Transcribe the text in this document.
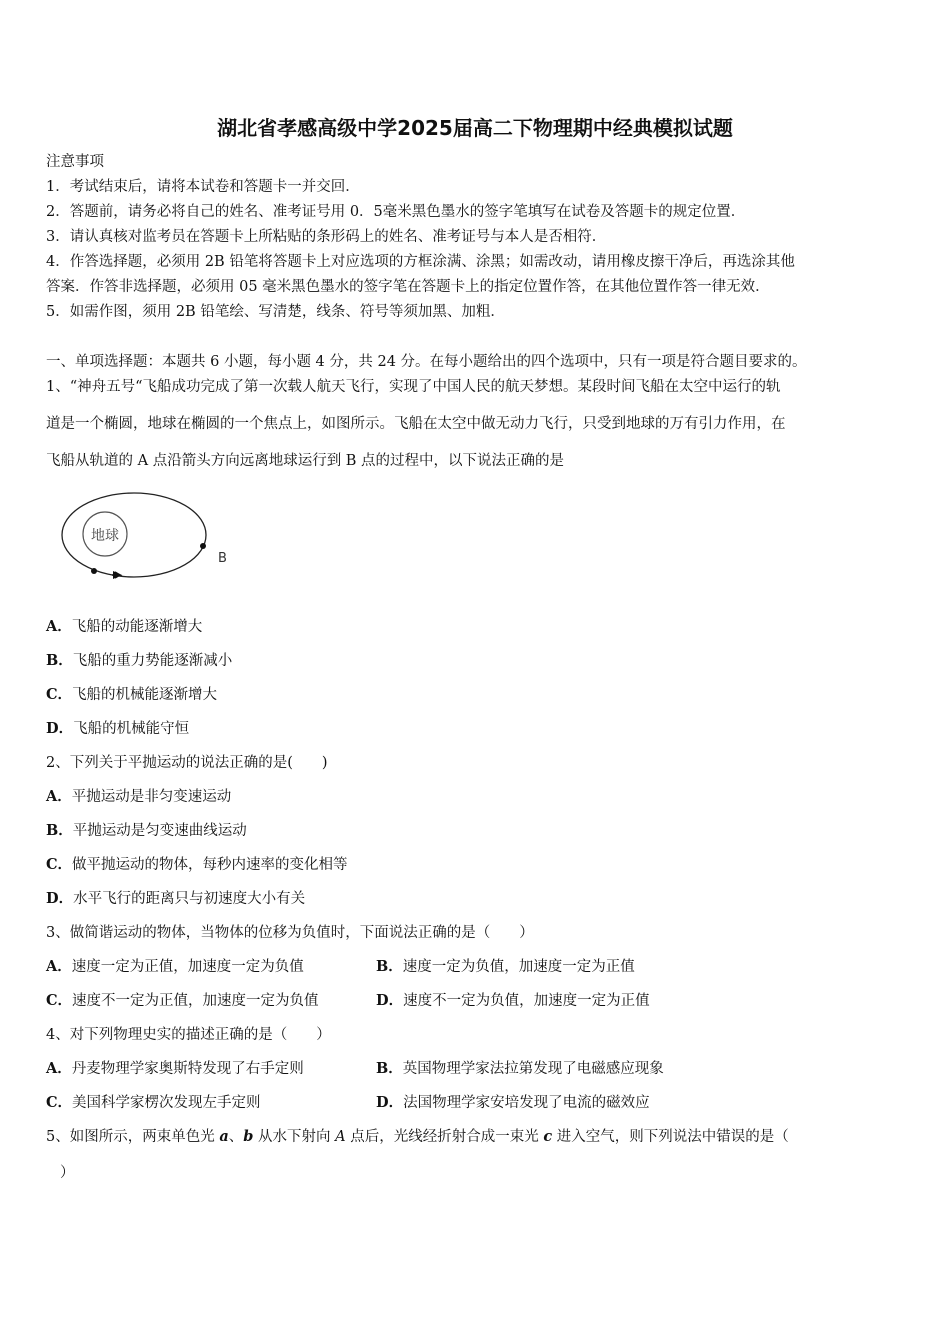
湖北省孝感高级中学2025届高二下物理期中经典模拟试题
注意事项
1．考试结束后，请将本试卷和答题卡一并交回．
2．答题前，请务必将自己的姓名、准考证号用 0．5毫米黑色墨水的签字笔填写在试卷及答题卡的规定位置．
3．请认真核对监考员在答题卡上所粘贴的条形码上的姓名、准考证号与本人是否相符．
4．作答选择题，必须用 2B 铅笔将答题卡上对应选项的方框涂满、涂黑；如需改动，请用橡皮擦干净后，再选涂其他
答案．作答非选择题，必须用 05 毫米黑色墨水的签字笔在答题卡上的指定位置作答，在其他位置作答一律无效．
5．如需作图，须用 2B 铅笔绘、写清楚，线条、符号等须加黑、加粗．
一、单项选择题：本题共 6 小题，每小题 4 分，共 24 分。在每小题给出的四个选项中，只有一项是符合题目要求的。
1、“神舟五号“飞船成功完成了第一次载人航天飞行，实现了中国人民的航天梦想。某段时间飞船在太空中运行的轨
道是一个椭圆，地球在椭圆的一个焦点上，如图所示。飞船在太空中做无动力飞行，只受到地球的万有引力作用，在
飞船从轨道的 A 点沿箭头方向远离地球运行到 B 点的过程中，以下说法正确的是
地球
B
A．飞船的动能逐渐增大
B．飞船的重力势能逐渐减小
C．飞船的机械能逐渐增大
D．飞船的机械能守恒
2、下列关于平抛运动的说法正确的是(　　)
A．平抛运动是非匀变速运动
B．平抛运动是匀变速曲线运动
C．做平抛运动的物体，每秒内速率的变化相等
D．水平飞行的距离只与初速度大小有关
3、做简谐运动的物体，当物体的位移为负值时，下面说法正确的是（　　）
A．速度一定为正值，加速度一定为负值	B．速度一定为负值，加速度一定为正值
C．速度不一定为正值，加速度一定为负值	D．速度不一定为负值，加速度一定为正值
4、对下列物理史实的描述正确的是（　　）
A．丹麦物理学家奥斯特发现了右手定则	B．英国物理学家法拉第发现了电磁感应现象
C．美国科学家楞次发现左手定则	D．法国物理学家安培发现了电流的磁效应
5、如图所示，两束单色光 a、b 从水下射向 A 点后，光线经折射合成一束光 c 进入空气，则下列说法中错误的是（
）
